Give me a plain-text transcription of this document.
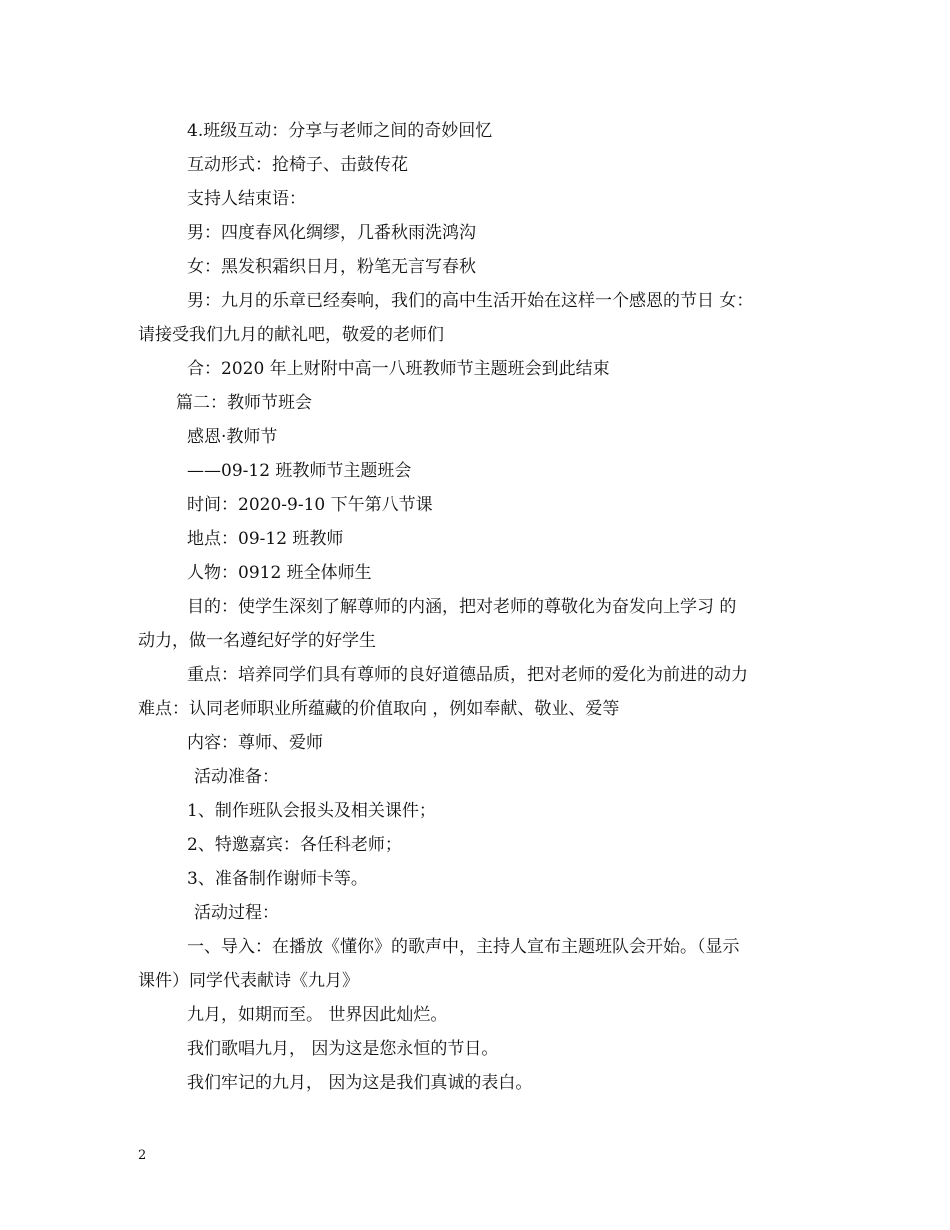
4.班级互动：分享与老师之间的奇妙回忆
互动形式：抢椅子、击鼓传花
支持人结束语：
男：四度春风化绸缪，几番秋雨洗鸿沟
女：黑发积霜织日月，粉笔无言写春秋
男：九月的乐章已经奏响，我们的高中生活开始在这样一个感恩的节日 女：
请接受我们九月的献礼吧，敬爱的老师们
合：2020 年上财附中高一八班教师节主题班会到此结束
篇二：教师节班会
感恩·教师节
——09-12 班教师节主题班会
时间：2020-9-10 下午第八节课
地点：09-12 班教师
人物：0912 班全体师生
目的：使学生深刻了解尊师的内涵，把对老师的尊敬化为奋发向上学习 的
动力，做一名遵纪好学的好学生
重点：培养同学们具有尊师的良好道德品质，把对老师的爱化为前进的动力
难点：认同老师职业所蕴藏的价值取向 ，例如奉献、敬业、爱等
内容：尊师、爱师
活动准备：
1、制作班队会报头及相关课件；
2、特邀嘉宾：各任科老师；
3、准备制作谢师卡等。
活动过程：
一、导入：在播放《懂你》的歌声中，主持人宣布主题班队会开始。（显示
课件）同学代表献诗《九月》
九月，如期而至。 世界因此灿烂。
我们歌唱九月， 因为这是您永恒的节日。
我们牢记的九月， 因为这是我们真诚的表白。
2
